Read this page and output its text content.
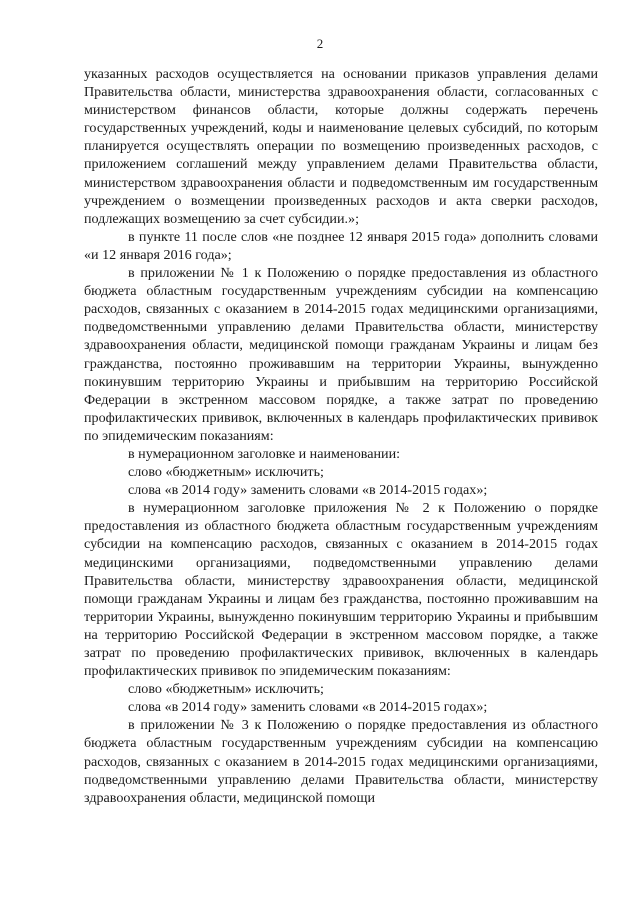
2

указанных расходов осуществляется на основании приказов управления делами Правительства области, министерства здравоохранения области, согласованных с министерством финансов области, которые должны содержать перечень государственных учреждений, коды и наименование целевых субсидий, по которым планируется осуществлять операции по возмещению произведенных расходов, с приложением соглашений между управлением делами Правительства области, министерством здравоохранения области и подведомственным им государственным учреждением о возмещении произведенных расходов и акта сверки расходов, подлежащих возмещению за счет субсидии.»;

в пункте 11 после слов «не позднее 12 января 2015 года» дополнить словами «и 12 января 2016 года»;

в приложении № 1 к Положению о порядке предоставления из областного бюджета областным государственным учреждениям субсидии на компенсацию расходов, связанных с оказанием в 2014-2015 годах медицинскими организациями, подведомственными управлению делами Правительства области, министерству здравоохранения области, медицинской помощи гражданам Украины и лицам без гражданства, постоянно проживавшим на территории Украины, вынужденно покинувшим территорию Украины и прибывшим на территорию Российской Федерации в экстренном массовом порядке, а также затрат по проведению профилактических прививок, включенных в календарь профилактических прививок по эпидемическим показаниям:

в нумерационном заголовке и наименовании:

слово «бюджетным» исключить;

слова «в 2014 году» заменить словами «в 2014-2015 годах»;

в нумерационном заголовке приложения № 2 к Положению о порядке предоставления из областного бюджета областным государственным учреждениям субсидии на компенсацию расходов, связанных с оказанием в 2014-2015 годах медицинскими организациями, подведомственными управлению делами Правительства области, министерству здравоохранения области, медицинской помощи гражданам Украины и лицам без гражданства, постоянно проживавшим на территории Украины, вынужденно покинувшим территорию Украины и прибывшим на территорию Российской Федерации в экстренном массовом порядке, а также затрат по проведению профилактических прививок, включенных в календарь профилактических прививок по эпидемическим показаниям:

слово «бюджетным» исключить;

слова «в 2014 году» заменить словами «в 2014-2015 годах»;

в приложении № 3 к Положению о порядке предоставления из областного бюджета областным государственным учреждениям субсидии на компенсацию расходов, связанных с оказанием в 2014-2015 годах медицинскими организациями, подведомственными управлению делами Правительства области, министерству здравоохранения области, медицинской помощи
